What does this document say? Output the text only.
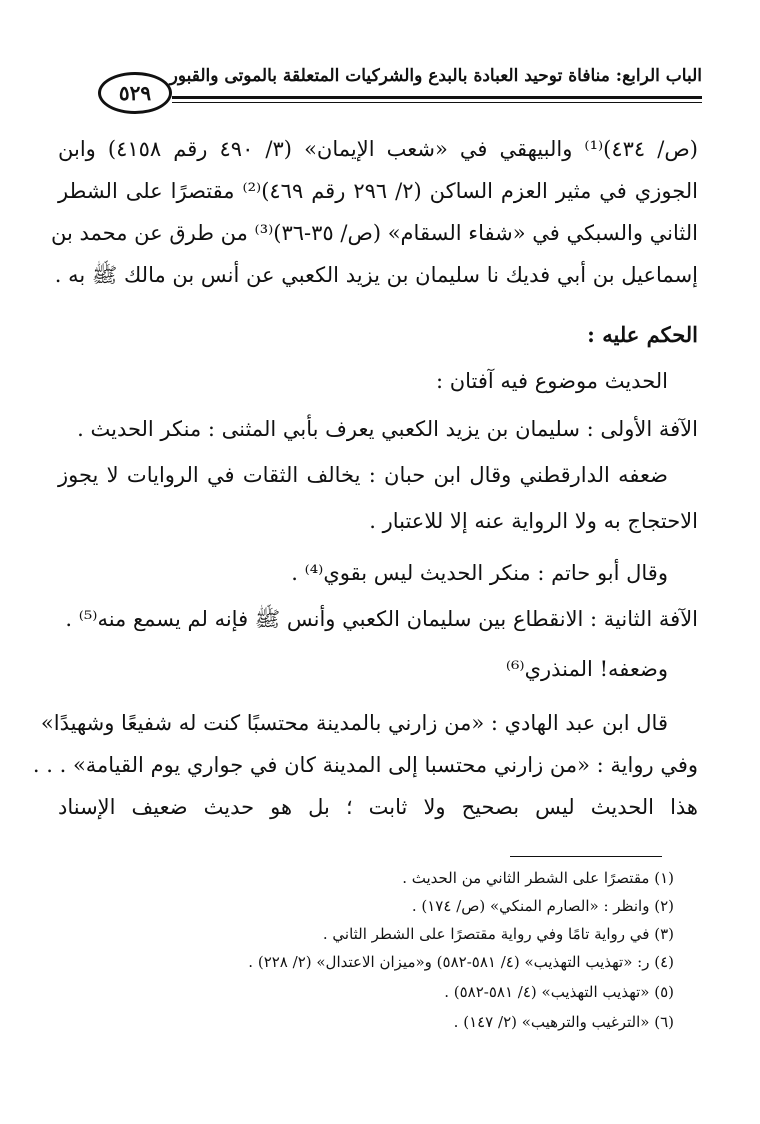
٥٢٩
الباب الرابع: منافاة توحيد العبادة بالبدع والشركيات المتعلقة بالموتى والقبور
(ص/ ٤٣٤)⁽¹⁾ والبيهقي في «شعب الإيمان» (٣/ ٤٩٠ رقم ٤١٥٨) وابن
الجوزي في مثير العزم الساكن (٢/ ٢٩٦ رقم ٤٦٩)⁽²⁾ مقتصرًا على الشطر
الثاني والسبكي في «شفاء السقام» (ص/ ٣٥-٣٦)⁽³⁾ من طرق عن محمد بن
إسماعيل بن أبي فديك نا سليمان بن يزيد الكعبي عن أنس بن مالك ﷺ به .
الحكم عليه :
الحديث موضوع فيه آفتان :
الآفة الأولى : سليمان بن يزيد الكعبي يعرف بأبي المثنى : منكر الحديث .
ضعفه الدارقطني وقال ابن حبان : يخالف الثقات في الروايات لا يجوز
الاحتجاج به ولا الرواية عنه إلا للاعتبار .
وقال أبو حاتم : منكر الحديث ليس بقوي⁽⁴⁾ .
الآفة الثانية : الانقطاع بين سليمان الكعبي وأنس ﷺ فإنه لم يسمع منه⁽⁵⁾ .
وضعفه! المنذري⁽⁶⁾
قال ابن عبد الهادي : «من زارني بالمدينة محتسبًا كنت له شفيعًا وشهيدًا»
وفي رواية : «من زارني محتسبا إلى المدينة كان في جواري يوم القيامة» . . .
هذا الحديث ليس بصحيح ولا ثابت ؛ بل هو حديث ضعيف الإسناد
(١) مقتصرًا على الشطر الثاني من الحديث .
(٢) وانظر : «الصارم المنكي» (ص/ ١٧٤) .
(٣) في رواية تامًا وفي رواية مقتصرًا على الشطر الثاني .
(٤) ر: «تهذيب التهذيب» (٤/ ٥٨١-٥٨٢) و«ميزان الاعتدال» (٢/ ٢٢٨) .
(٥) «تهذيب التهذيب» (٤/ ٥٨١-٥٨٢) .
(٦) «الترغيب والترهيب» (٢/ ١٤٧) .
